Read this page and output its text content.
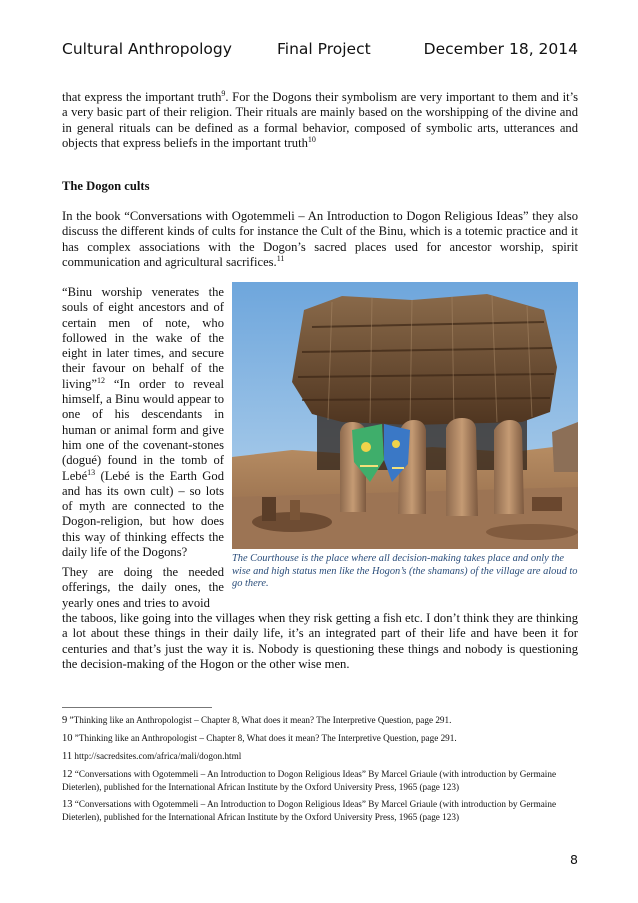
Cultural Anthropology	Final Project	December 18, 2014
that express the important truth$^9$. For the Dogons their symbolism are very important to them and it’s a very basic part of their religion. Their rituals are mainly based on the worshipping of the divine and in general rituals can be defined as a formal behavior, composed of symbolic arts, utterances and objects that express beliefs in the important truth$^{10}$
The Dogon cults
In the book “Conversations with Ogotemmeli – An Introduction to Dogon Religious Ideas” they also discuss the different kinds of cults for instance the Cult of the Binu, which is a totemic practice and it has complex associations with the Dogon’s sacred places used for ancestor worship, spirit communication and agricultural sacrifices.$^{11}$
“Binu worship venerates the souls of eight ancestors and of certain men of note, who followed in the wake of the eight in later times, and secure their favour on behalf of the living”$^{12}$ “In order to reveal himself, a Binu would appear to one of his descendants in human or animal form and give him one of the covenant-stones (dogué) found in the tomb of Lebé$^{13}$ (Lebé is the Earth God and has its own cult) – so lots of myth are connected to the Dogon-religion, but how does this way of thinking effects the daily life of the Dogons?	The Courthouse is the place where all decision-making takes place and only the wise and high status men like the Hogon’s (the shamans) of the village are aloud to go there.
They are doing the needed offerings, the daily ones, the yearly ones and tries to avoid
the taboos, like going into the villages when they risk getting a fish etc. I don’t think they are thinking a lot about these things in their daily life, it’s an integrated part of their life and have been it for centuries and that’s just the way it is. Nobody is questioning these things and nobody is questioning the decision-making of the Hogon or the other wise men.

9 ”Thinking like an Anthropologist – Chapter 8, What does it mean? The Interpretive Question, page 291.

10 ”Thinking like an Anthropologist – Chapter 8, What does it mean? The Interpretive Question, page 291.

11 http://sacredsites.com/africa/mali/dogon.html

12 “Conversations with Ogotemmeli – An Introduction to Dogon Religious Ideas” By Marcel Griaule (with introduction by Germaine Dieterlen), published for the International African Institute by the Oxford University Press, 1965 (page 123)

13 “Conversations with Ogotemmeli – An Introduction to Dogon Religious Ideas” By Marcel Griaule (with introduction by Germaine Dieterlen), published for the International African Institute by the Oxford University Press, 1965 (page 123)

8
